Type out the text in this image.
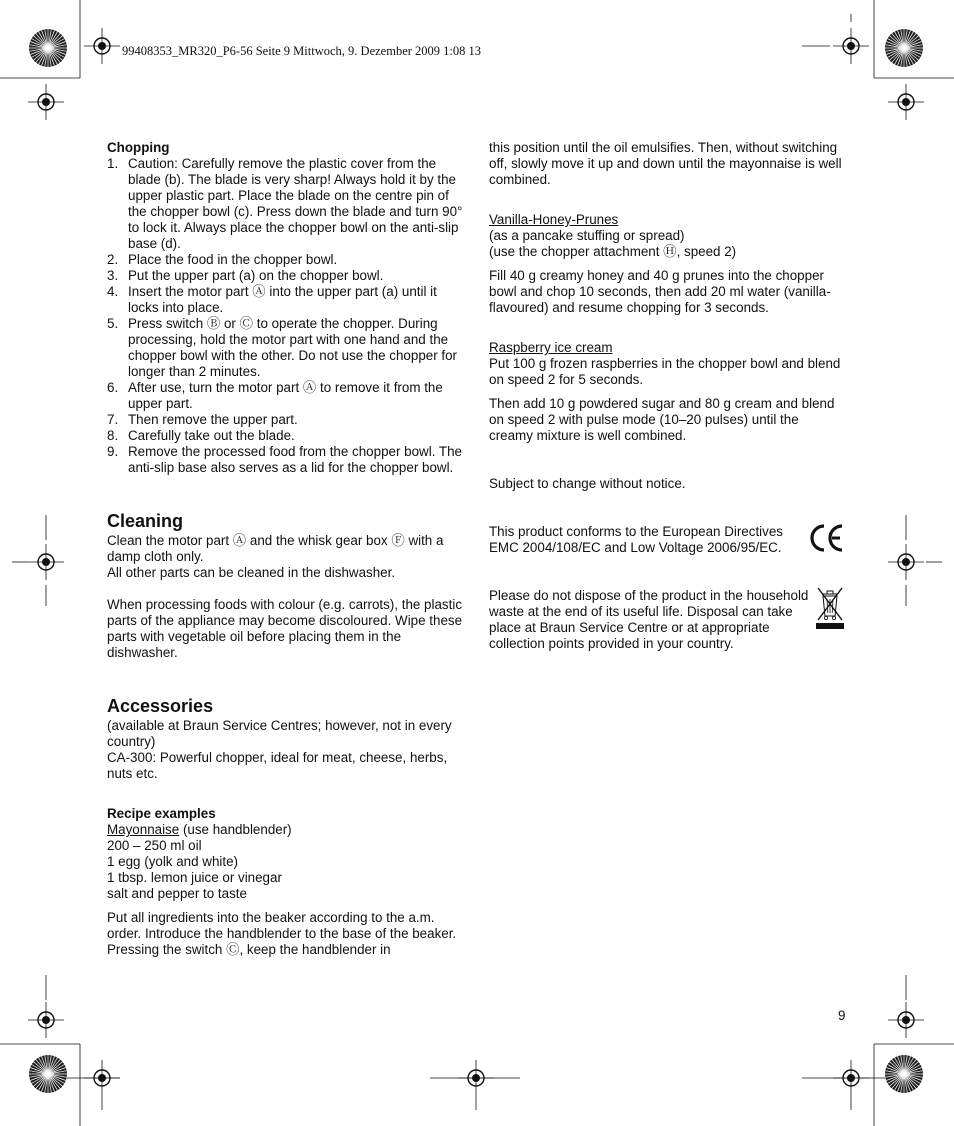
99408353_MR320_P6-56 Seite 9 Mittwoch, 9. Dezember 2009 1:08 13

Chopping

1. Caution: Carefully remove the plastic cover from the blade (b). The blade is very sharp! Always hold it by the upper plastic part. Place the blade on the centre pin of the chopper bowl (c). Press down the blade and turn 90° to lock it. Always place the chopper bowl on the anti-slip base (d).
2. Place the food in the chopper bowl.
3. Put the upper part (a) on the chopper bowl.
4. Insert the motor part Ⓐ into the upper part (a) until it locks into place.
5. Press switch Ⓑ or Ⓒ to operate the chopper. During processing, hold the motor part with one hand and the chopper bowl with the other. Do not use the chopper for longer than 2 minutes.
6. After use, turn the motor part Ⓐ to remove it from the upper part.
7. Then remove the upper part.
8. Carefully take out the blade.
9. Remove the processed food from the chopper bowl. The anti-slip base also serves as a lid for the chopper bowl.

Cleaning

Clean the motor part Ⓐ and the whisk gear box Ⓕ with a damp cloth only.

All other parts can be cleaned in the dishwasher.

When processing foods with colour (e.g. carrots), the plastic parts of the appliance may become discoloured. Wipe these parts with vegetable oil before placing them in the dishwasher.

Accessories

(available at Braun Service Centres; however, not in every country)

CA-300: Powerful chopper, ideal for meat, cheese, herbs, nuts etc.

Recipe examples

Mayonnaise (use handblender)

200 – 250 ml oil

1 egg (yolk and white)

1 tbsp. lemon juice or vinegar

salt and pepper to taste

Put all ingredients into the beaker according to the a.m. order. Introduce the handblender to the base of the beaker. Pressing the switch Ⓒ, keep the handblender in

this position until the oil emulsifies. Then, without switching off, slowly move it up and down until the mayonnaise is well combined.

Vanilla-Honey-Prunes

(as a pancake stuffing or spread)

(use the chopper attachment Ⓗ, speed 2)

Fill 40 g creamy honey and 40 g prunes into the chopper bowl and chop 10 seconds, then add 20 ml water (vanilla-flavoured) and resume chopping for 3 seconds.

Raspberry ice cream

Put 100 g frozen raspberries in the chopper bowl and blend on speed 2 for 5 seconds.

Then add 10 g powdered sugar and 80 g cream and blend on speed 2 with pulse mode (10–20 pulses) until the creamy mixture is well combined.

Subject to change without notice.

This product conforms to the European Directives EMC 2004/108/EC and Low Voltage 2006/95/EC.

Please do not dispose of the product in the household waste at the end of its useful life. Disposal can take place at Braun Service Centre or at appropriate collection points provided in your country.

9
